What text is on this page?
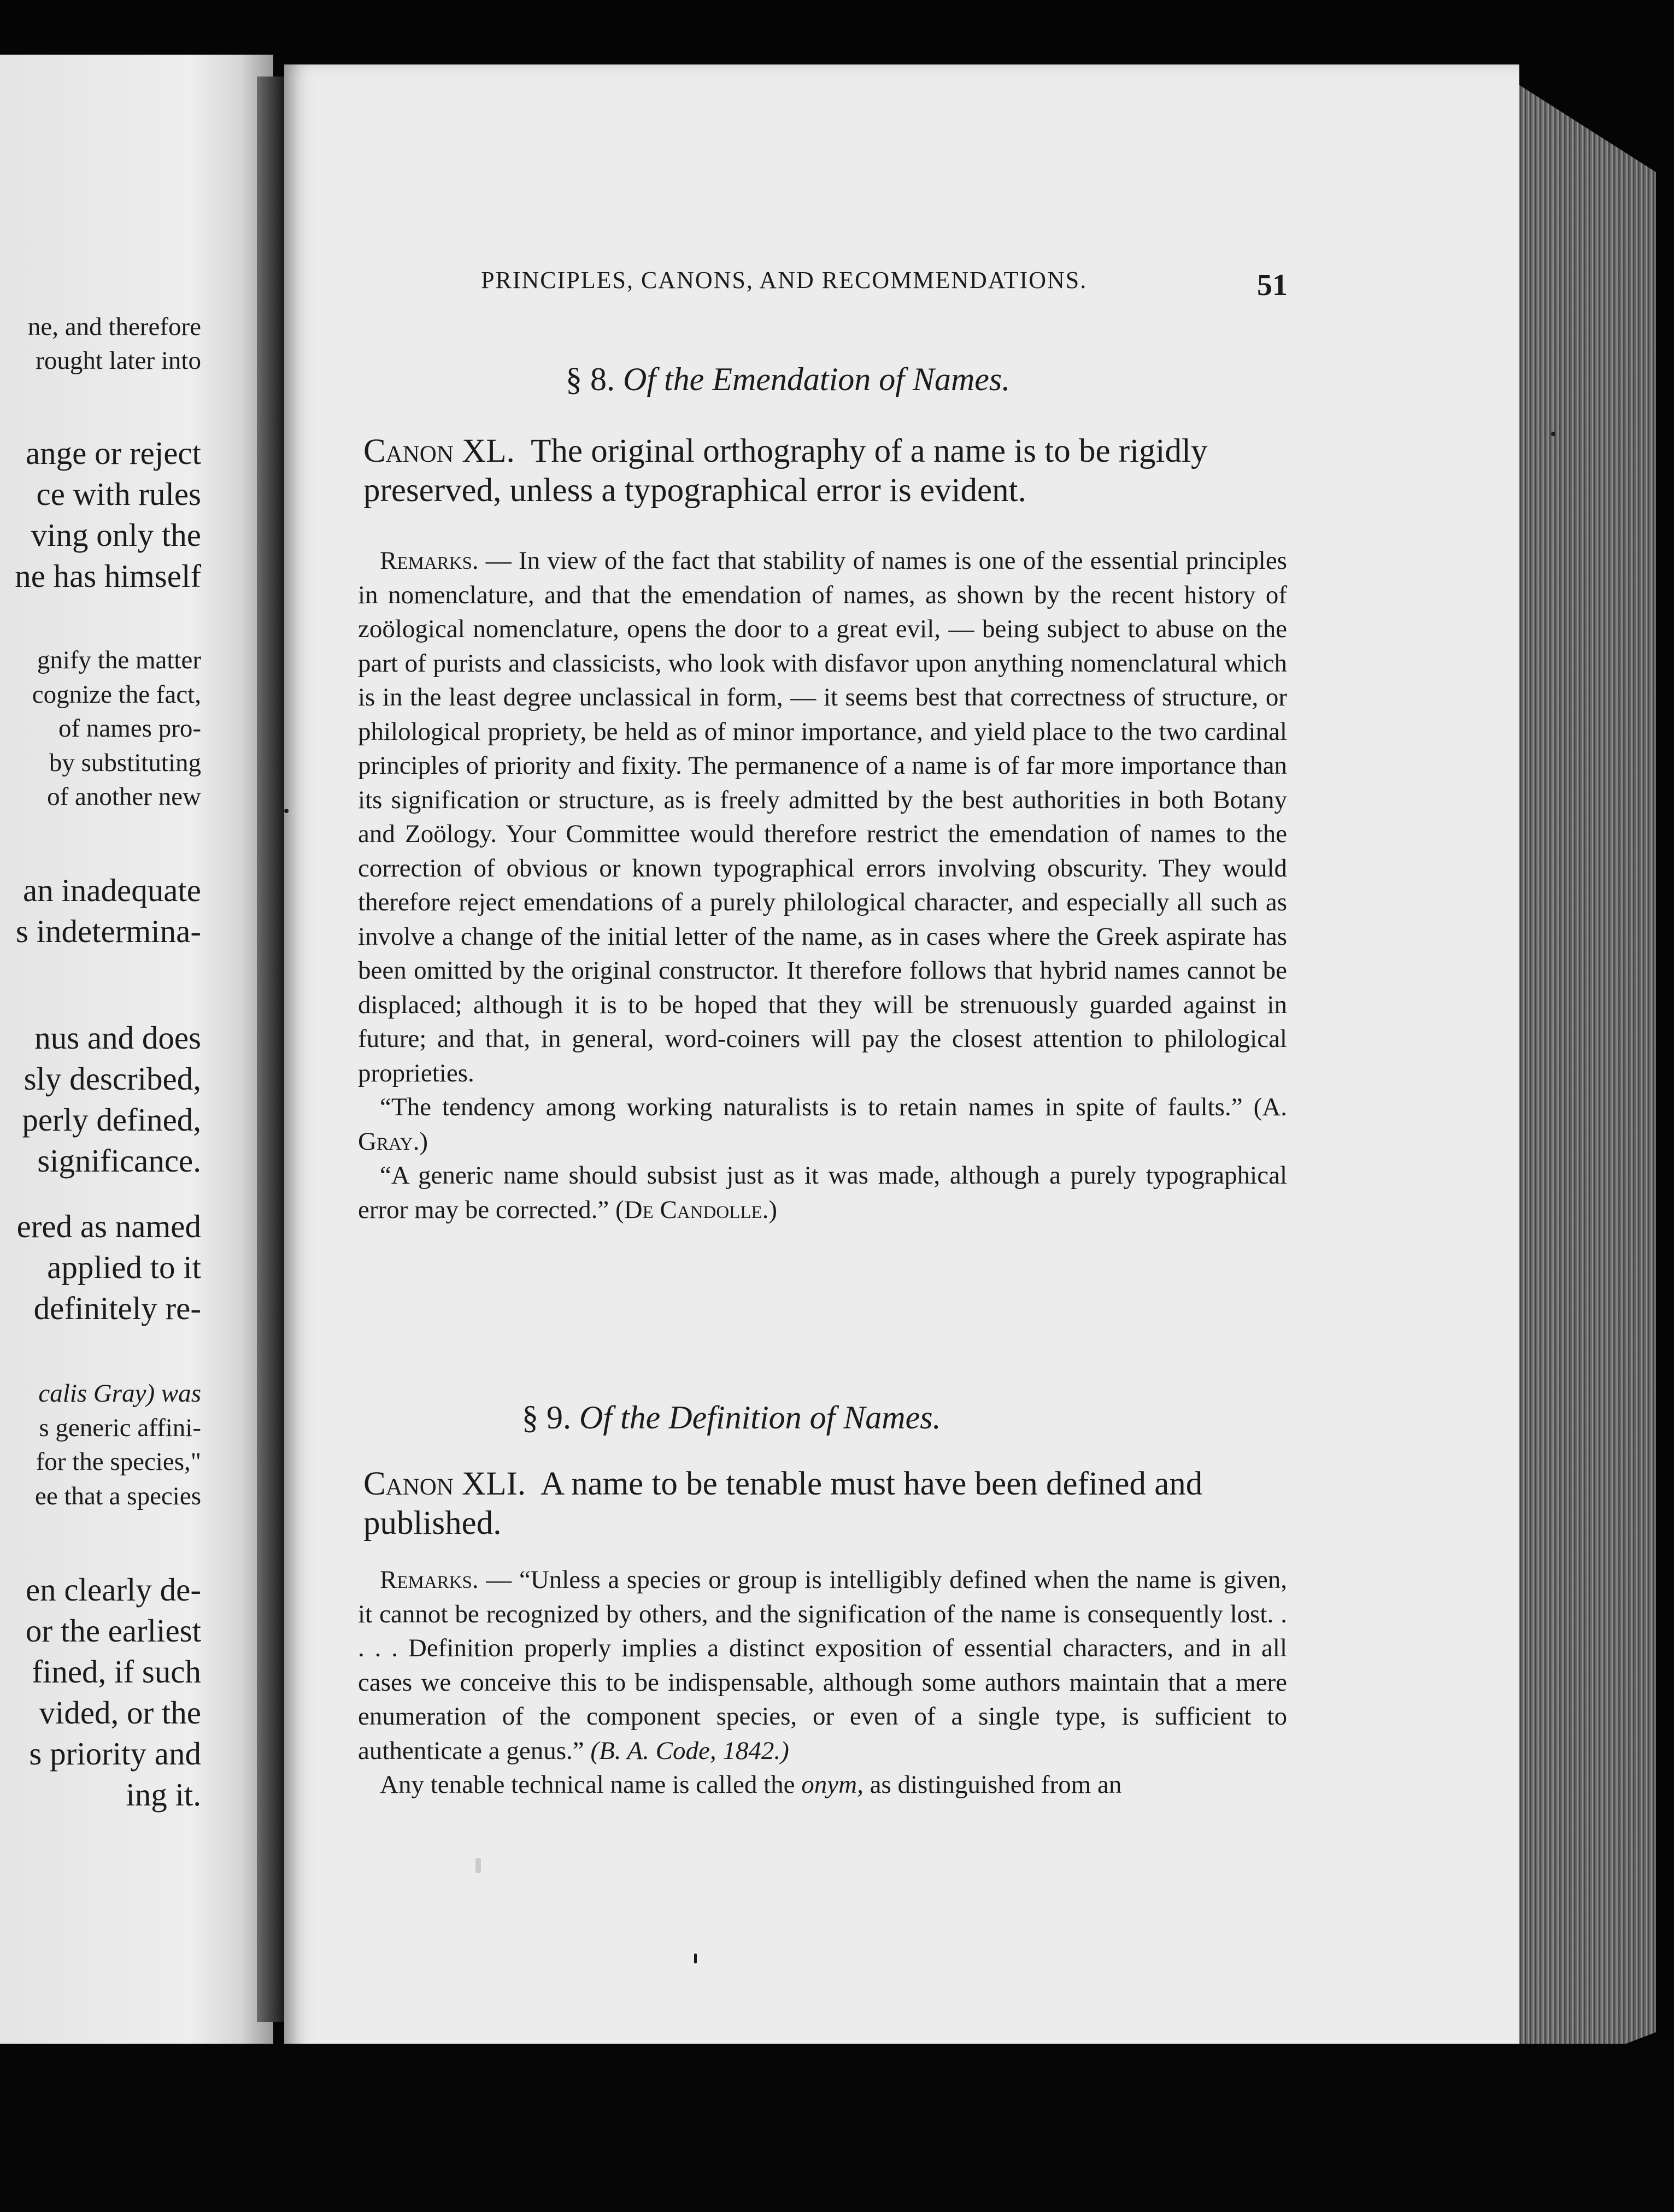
ne, and therefore
rought later into
ange or reject
ce with rules
ving only the
ne has himself
gnify the matter
cognize the fact,
of names pro-
by substituting
of another new
an inadequate
s indetermina-
nus and does
sly described,
perly defined,
significance.
ered as named
applied to it
definitely re-
calis Gray) was
s generic affini-
for the species,"
ee that a species
en clearly de-
or the earliest
fined, if such
vided, or the
s priority and
ing it.
PRINCIPLES, CANONS, AND RECOMMENDATIONS.	51
§ 8. Of the Emendation of Names.
Canon XL. The original orthography of a name is to be rigidly preserved, unless a typographical error is evident.

Remarks. — In view of the fact that stability of names is one of the essential principles in nomenclature, and that the emendation of names, as shown by the recent history of zoölogical nomenclature, opens the door to a great evil, — being subject to abuse on the part of purists and classicists, who look with disfavor upon anything nomenclatural which is in the least degree unclassical in form, — it seems best that correctness of structure, or philological propriety, be held as of minor importance, and yield place to the two cardinal principles of priority and fixity. The permanence of a name is of far more importance than its signification or structure, as is freely admitted by the best authorities in both Botany and Zoölogy. Your Committee would therefore restrict the emendation of names to the correction of obvious or known typographical errors involving obscurity. They would therefore reject emendations of a purely philological character, and especially all such as involve a change of the initial letter of the name, as in cases where the Greek aspirate has been omitted by the original constructor. It therefore follows that hybrid names cannot be displaced; although it is to be hoped that they will be strenuously guarded against in future; and that, in general, word-coiners will pay the closest attention to philological proprieties.

“The tendency among working naturalists is to retain names in spite of faults.” (A. Gray.)

“A generic name should subsist just as it was made, although a purely typographical error may be corrected.” (De Candolle.)

§ 9. Of the Definition of Names.
Canon XLI. A name to be tenable must have been defined and published.

Remarks. — “Unless a species or group is intelligibly defined when the name is given, it cannot be recognized by others, and the signification of the name is consequently lost. . . . . Definition properly implies a distinct exposition of essential characters, and in all cases we conceive this to be indispensable, although some authors maintain that a mere enumeration of the component species, or even of a single type, is sufficient to authenticate a genus.” (B. A. Code, 1842.)

Any tenable technical name is called the onym, as distinguished from an
